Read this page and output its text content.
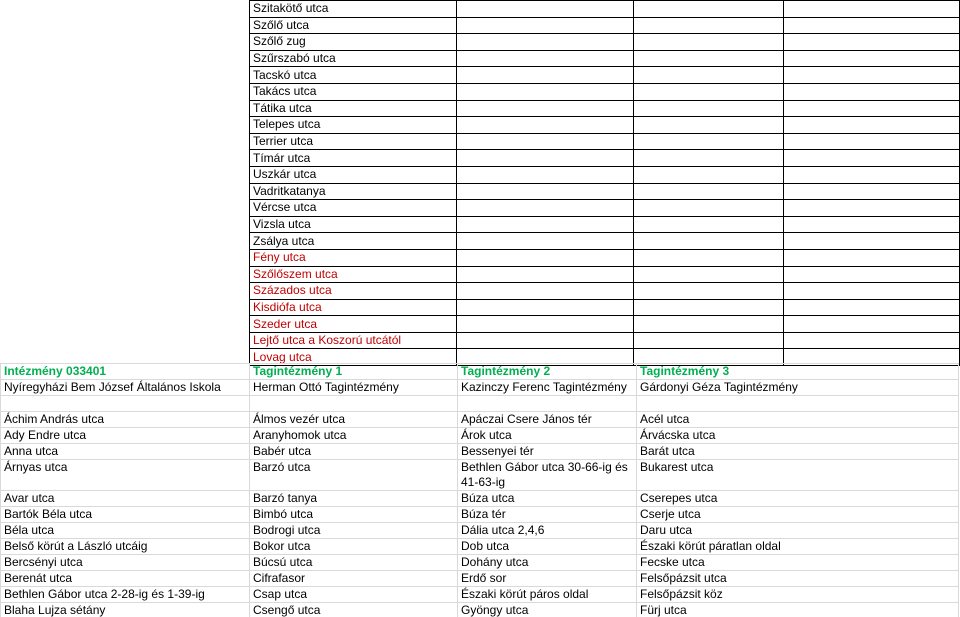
Szitakötő utca			
Szőlő utca			
Szőlő zug			
Szűrszabó utca			
Tacskó utca			
Takács utca			
Tátika utca			
Telepes utca			
Terrier utca			
Tímár utca			
Uszkár utca			
Vadritkatanya			
Vércse utca			
Vizsla utca			
Zsálya utca			
Fény utca			
Szőlőszem utca			
Százados utca			
Kisdiófa utca			
Szeder utca			
Lejtő utca a Koszorú utcától			
Lovag utca			
Intézmény 033401	Tagintézmény 1	Tagintézmény 2	Tagintézmény 3
Nyíregyházi Bem József Általános Iskola	Herman Ottó Tagintézmény	Kazinczy Ferenc Tagintézmény	Gárdonyi Géza Tagintézmény

Áchim András utca	Álmos vezér utca	Apáczai Csere János tér	Acél utca
Ady Endre utca	Aranyhomok utca	Árok utca	Árvácska utca
Anna utca	Babér utca	Bessenyei tér	Barát utca
Árnyas utca	Barzó utca	Bethlen Gábor utca 30-66-ig és 41-63-ig	Bukarest utca
Avar utca	Barzó tanya	Búza utca	Cserepes utca
Bartók Béla utca	Bimbó utca	Búza tér	Cserje utca
Béla utca	Bodrogi utca	Dália utca 2,4,6	Daru utca
Belső körút a László utcáig	Bokor utca	Dob utca	Északi körút páratlan oldal
Bercsényi utca	Búcsú utca	Dohány utca	Fecske utca
Berenát utca	Cifrafasor	Erdő sor	Felsőpázsit utca
Bethlen Gábor utca 2-28-ig és 1-39-ig	Csap utca	Északi körút páros oldal	Felsőpázsit köz
Blaha Lujza sétány	Csengő utca	Gyöngy utca	Fürj utca
